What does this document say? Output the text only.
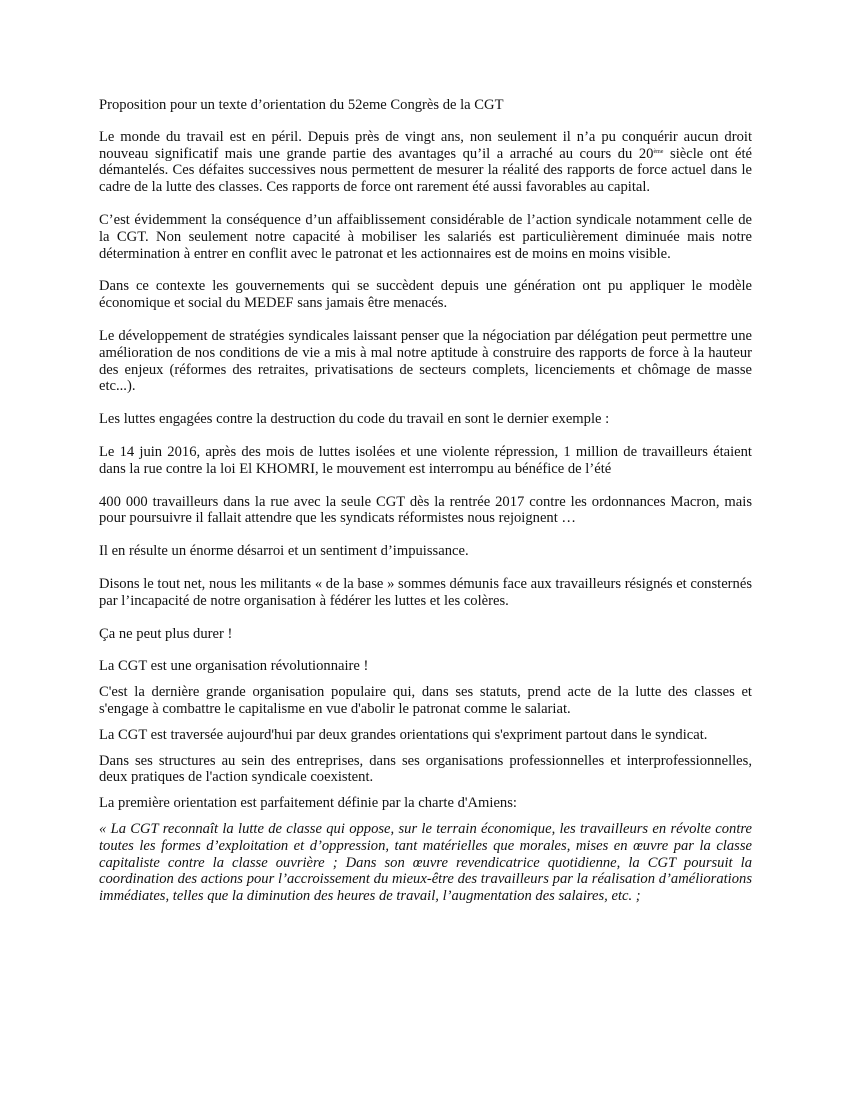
Proposition pour un texte d’orientation du 52eme Congrès de la CGT

Le monde du travail est en péril. Depuis près de vingt ans, non seulement il n’a pu conquérir aucun droit nouveau significatif mais une grande partie des avantages qu’il a arraché au cours du 20ème siècle ont été démantelés. Ces défaites successives nous permettent de mesurer la réalité des rapports de force actuel dans le cadre de la lutte des classes. Ces rapports de force ont rarement été aussi favorables au capital.

C’est évidemment la conséquence d’un affaiblissement considérable de l’action syndicale notamment celle de la CGT. Non seulement notre capacité à mobiliser les salariés est particulièrement diminuée mais notre détermination à entrer en conflit avec le patronat et les actionnaires est de moins en moins visible.

Dans ce contexte les gouvernements qui se succèdent depuis une génération ont pu appliquer le modèle économique et social du MEDEF sans jamais être menacés.

Le développement de stratégies syndicales laissant penser que la négociation par délégation peut permettre une amélioration de nos conditions de vie a mis à mal notre aptitude à construire des rapports de force à la hauteur des enjeux (réformes des retraites, privatisations de secteurs complets, licenciements et chômage de masse etc...).

Les luttes engagées contre la destruction du code du travail en sont le dernier exemple :

Le 14 juin 2016, après des mois de luttes isolées et une violente répression, 1 million de travailleurs étaient dans la rue contre la loi El KHOMRI, le mouvement est interrompu au bénéfice de l’été

400 000 travailleurs dans la rue avec la seule CGT dès la rentrée 2017 contre les ordonnances Macron, mais pour poursuivre il fallait attendre que les syndicats réformistes nous rejoignent …

Il en résulte un énorme désarroi et un sentiment d’impuissance.

Disons le tout net, nous les militants « de la base » sommes démunis face aux travailleurs résignés et consternés par l’incapacité de notre organisation à fédérer les luttes et les colères.

Ça ne peut plus durer !

La CGT est une organisation révolutionnaire !

C'est la dernière grande organisation populaire qui, dans ses statuts, prend acte de la lutte des classes et s'engage à combattre le capitalisme en vue d'abolir le patronat comme le salariat.

La CGT est traversée aujourd'hui par deux grandes orientations qui s'expriment partout dans le syndicat.

Dans ses structures au sein des entreprises, dans ses organisations professionnelles et interprofessionnelles, deux pratiques de l'action syndicale coexistent.

La première orientation est parfaitement définie par la charte d'Amiens:

« La CGT reconnaît la lutte de classe qui oppose, sur le terrain économique, les travailleurs en révolte contre toutes les formes d’exploitation et d’oppression, tant matérielles que morales, mises en œuvre par la classe capitaliste contre la classe ouvrière ; Dans son œuvre revendicatrice quotidienne, la CGT poursuit la coordination des actions pour l’accroissement du mieux-être des travailleurs par la réalisation d’améliorations immédiates, telles que la diminution des heures de travail, l’augmentation des salaires, etc. ;
